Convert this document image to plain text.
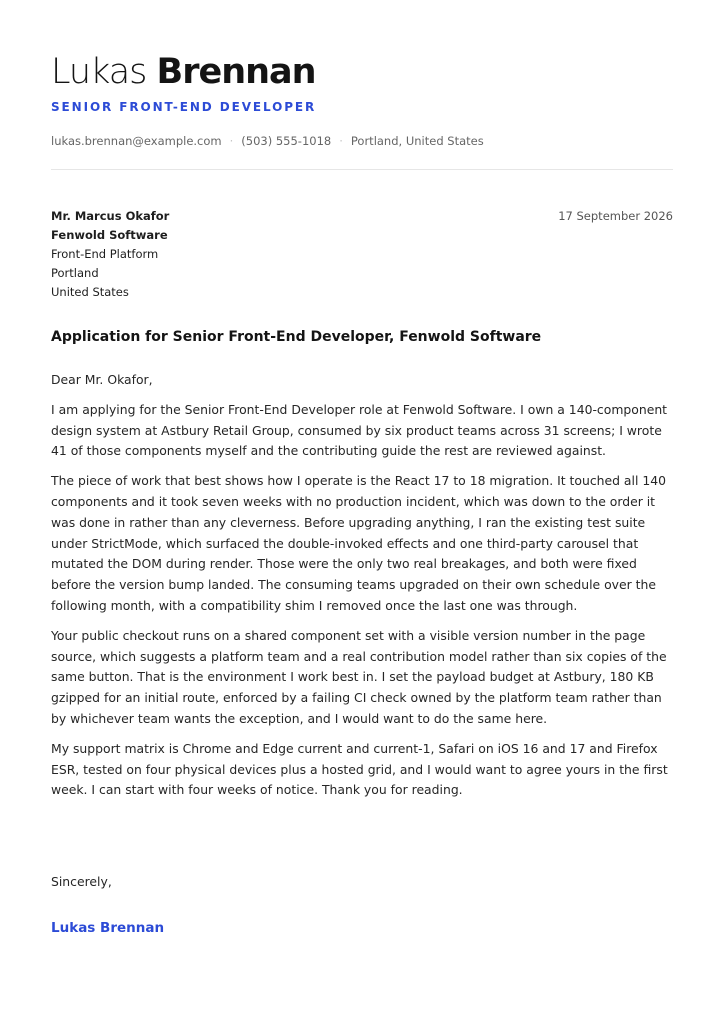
Lukas Brennan
SENIOR FRONT-END DEVELOPER
lukas.brennan@example.com · (503) 555-1018 · Portland, United States
Mr. Marcus Okafor
Fenwold Software
Front-End Platform
Portland
United States
17 September 2026
Application for Senior Front-End Developer, Fenwold Software

Dear Mr. Okafor,

I am applying for the Senior Front-End Developer role at Fenwold Software. I own a 140-component design system at Astbury Retail Group, consumed by six product teams across 31 screens; I wrote 41 of those components myself and the contributing guide the rest are reviewed against.

The piece of work that best shows how I operate is the React 17 to 18 migration. It touched all 140 components and it took seven weeks with no production incident, which was down to the order it was done in rather than any cleverness. Before upgrading anything, I ran the existing test suite under StrictMode, which surfaced the double-invoked effects and one third-party carousel that mutated the DOM during render. Those were the only two real breakages, and both were fixed before the version bump landed. The consuming teams upgraded on their own schedule over the following month, with a compatibility shim I removed once the last one was through.

Your public checkout runs on a shared component set with a visible version number in the page source, which suggests a platform team and a real contribution model rather than six copies of the same button. That is the environment I work best in. I set the payload budget at Astbury, 180 KB gzipped for an initial route, enforced by a failing CI check owned by the platform team rather than by whichever team wants the exception, and I would want to do the same here.

My support matrix is Chrome and Edge current and current-1, Safari on iOS 16 and 17 and Firefox ESR, tested on four physical devices plus a hosted grid, and I would want to agree yours in the first week. I can start with four weeks of notice. Thank you for reading.

Sincerely,
Lukas Brennan
